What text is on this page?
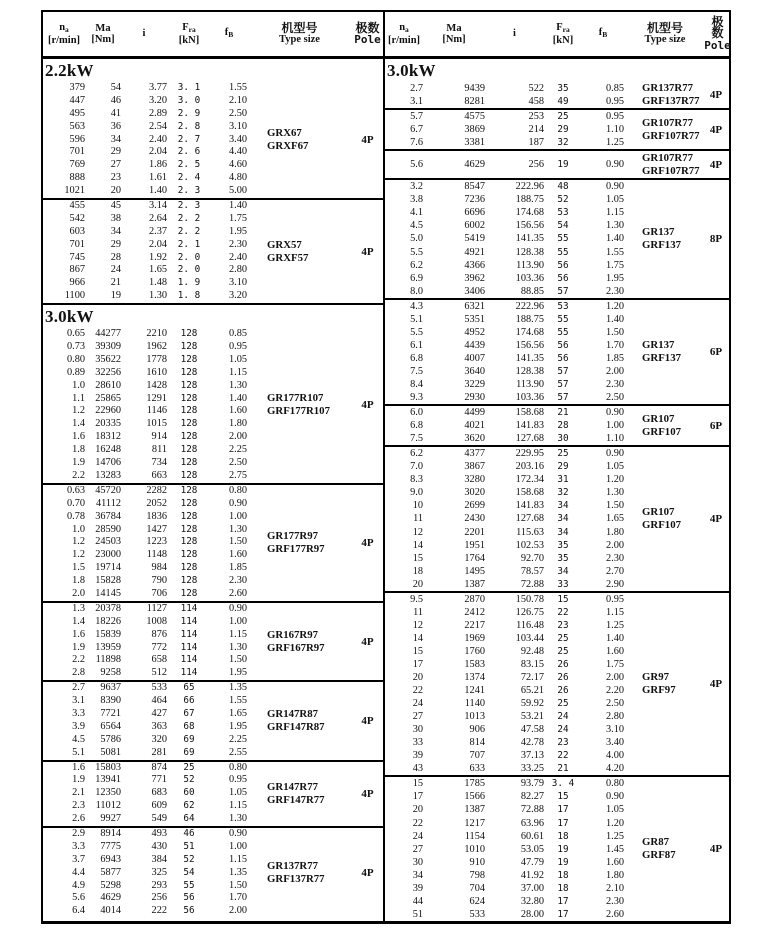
$n_a$
[r/min]
Ma
[Nm]
i
$F_{ra}$
[kN]
$f_B$
机型号
Type size
极数
Pole
2.2kW
379	54	3.77	3. 1	1.55
447	46	3.20	3. 0	2.10
495	41	2.89	2. 9	2.50
563	36	2.54	2. 8	3.10
596	34	2.40	2. 7	3.40
701	29	2.04	2. 6	4.40
769	27	1.86	2. 5	4.60
888	23	1.61	2. 4	4.80
1021	20	1.40	2. 3	5.00
GRX67
GRXF67	4P
455	45	3.14	2. 3	1.40
542	38	2.64	2. 2	1.75
603	34	2.37	2. 2	1.95
701	29	2.04	2. 1	2.30
745	28	1.92	2. 0	2.40
867	24	1.65	2. 0	2.80
966	21	1.48	1. 9	3.10
1100	19	1.30	1. 8	3.20
GRX57
GRXF57	4P
3.0kW
0.65 44277	2210	128	0.85
0.73 39309	1962	128	0.95
0.80 35622	1778	128	1.05
0.89 32256	1610	128	1.15
1.0 28610	1428	128	1.30
1.1 25865	1291	128	1.40
1.2 22960	1146	128	1.60
1.4 20335	1015	128	1.80
1.6 18312	914	128	2.00
1.8 16248	811	128	2.25
1.9 14706	734	128	2.50
2.2 13283	663	128	2.75
GR177R107
GRF177R107	4P
0.63 45720	2282	128	0.80
0.70	41112	2052	128	0.90
0.78 36784	1836	128	1.00
1.0 28590	1427	128	1.30
1.2 24503	1223	128	1.50
1.2 23000	1148	128	1.60
1.5 19714	984	128	1.85
1.8 15828	790	128	2.30
2.0 14145	706	128	2.60
GR177R97
GRF177R97	4P
1.3 20378	1127	114	0.90
1.4 18226	1008	114	1.00
1.6 15839	876	114	1.15
1.9 13959	772	114	1.30
2.2	11898	658	114	1.50
2.8	9258	512	114	1.95
GR167R97
GRF167R97	4P
2.7	9637	533	65	1.35
3.1	8390	464	66	1.55
3.3	7721	427	67	1.65
3.9	6564	363	68	1.95
4.5	5786	320	69	2.25
5.1	5081	281	69	2.55
GR147R87
GRF147R87	4P
1.6 15803	874	25	0.80
1.9 13941	771	52	0.95
2.1 12350	683	60	1.05
2.3	11012	609	62	1.15
2.6	9927	549	64	1.30
GR147R77
GRF147R77	4P
2.9	8914	493	46	0.90
3.3	7775	430	51	1.00
3.7	6943	384	52	1.15
4.4	5877	325	54	1.35
4.9	5298	293	55	1.50
5.6	4629	256	56	1.70
6.4	4014	222	56	2.00
GR137R77
GRF137R77	4P
$n_a$
[r/min]
Ma
[Nm]
i
$F_{ra}$
[kN]
$f_B$
机型号
Type size
极数
Pole
3.0kW
2.7	9439	522	35	0.85
3.1	8281	458	49	0.95
GR137R77
GRF137R77 4P
5.7	4575	253	25	0.95
6.7	3869	214	29	1.10
7.6	3381	187	32	1.25
GR107R77
GRF107R77 4P
5.6	4629	256	19	0.90
GR107R77
GRF107R77 4P
3.2	8547	222.96	48	0.90
3.8	7236	188.75	52	1.05
4.1	6696	174.68	53	1.15
4.5	6002	156.56	54	1.30
5.0	5419	141.35	55	1.40
5.5	4921	128.38	55	1.55
6.2	4366	113.90	56	1.75
6.9	3962	103.36	56	1.95
8.0	3406	88.85	57	2.30
GR137
GRF137	8P
4.3	6321	222.96	53	1.20
5.1	5351	188.75	55	1.40
5.5	4952	174.68	55	1.50
6.1	4439	156.56	56	1.70
6.8	4007	141.35	56	1.85
7.5	3640	128.38	57	2.00
8.4	3229	113.90	57	2.30
9.3	2930	103.36	57	2.50
GR137
GRF137	6P
6.0	4499	158.68	21	0.90
6.8	4021	141.83	28	1.00
7.5	3620	127.68	30	1.10
GR107
GRF107	6P
6.2	4377	229.95	25	0.90
7.0	3867	203.16	29	1.05
8.3	3280	172.34	31	1.20
9.0	3020	158.68	32	1.30
10	2699	141.83	34	1.50
11	2430	127.68	34	1.65
12	2201	115.63	34	1.80
14	1951	102.53	35	2.00
15	1764	92.70	35	2.30
18	1495	78.57	34	2.70
20	1387	72.88	33	2.90
GR107
GRF107	4P
9.5	2870	150.78	15	0.95
11	2412	126.75	22	1.15
12	2217	116.48	23	1.25
14	1969	103.44	25	1.40
15	1760	92.48	25	1.60
17	1583	83.15	26	1.75
20	1374	72.17	26	2.00
22	1241	65.21	26	2.20
24	1140	59.92	25	2.50
27	1013	53.21	24	2.80
30	906	47.58	24	3.10
33	814	42.78	23	3.40
39	707	37.13	22	4.00
43	633	33.25	21	4.20
GR97
GRF97	4P
15	1785	93.79 3. 4	0.80
17	1566	82.27	15	0.90
20	1387	72.88	17	1.05
22	1217	63.96	17	1.20
24	1154	60.61	18	1.25
27	1010	53.05	19	1.45
30	910	47.79	19	1.60
34	798	41.92	18	1.80
39	704	37.00	18	2.10
44	624	32.80	17	2.30
51	533	28.00	17	2.60
GR87
GRF87	4P
